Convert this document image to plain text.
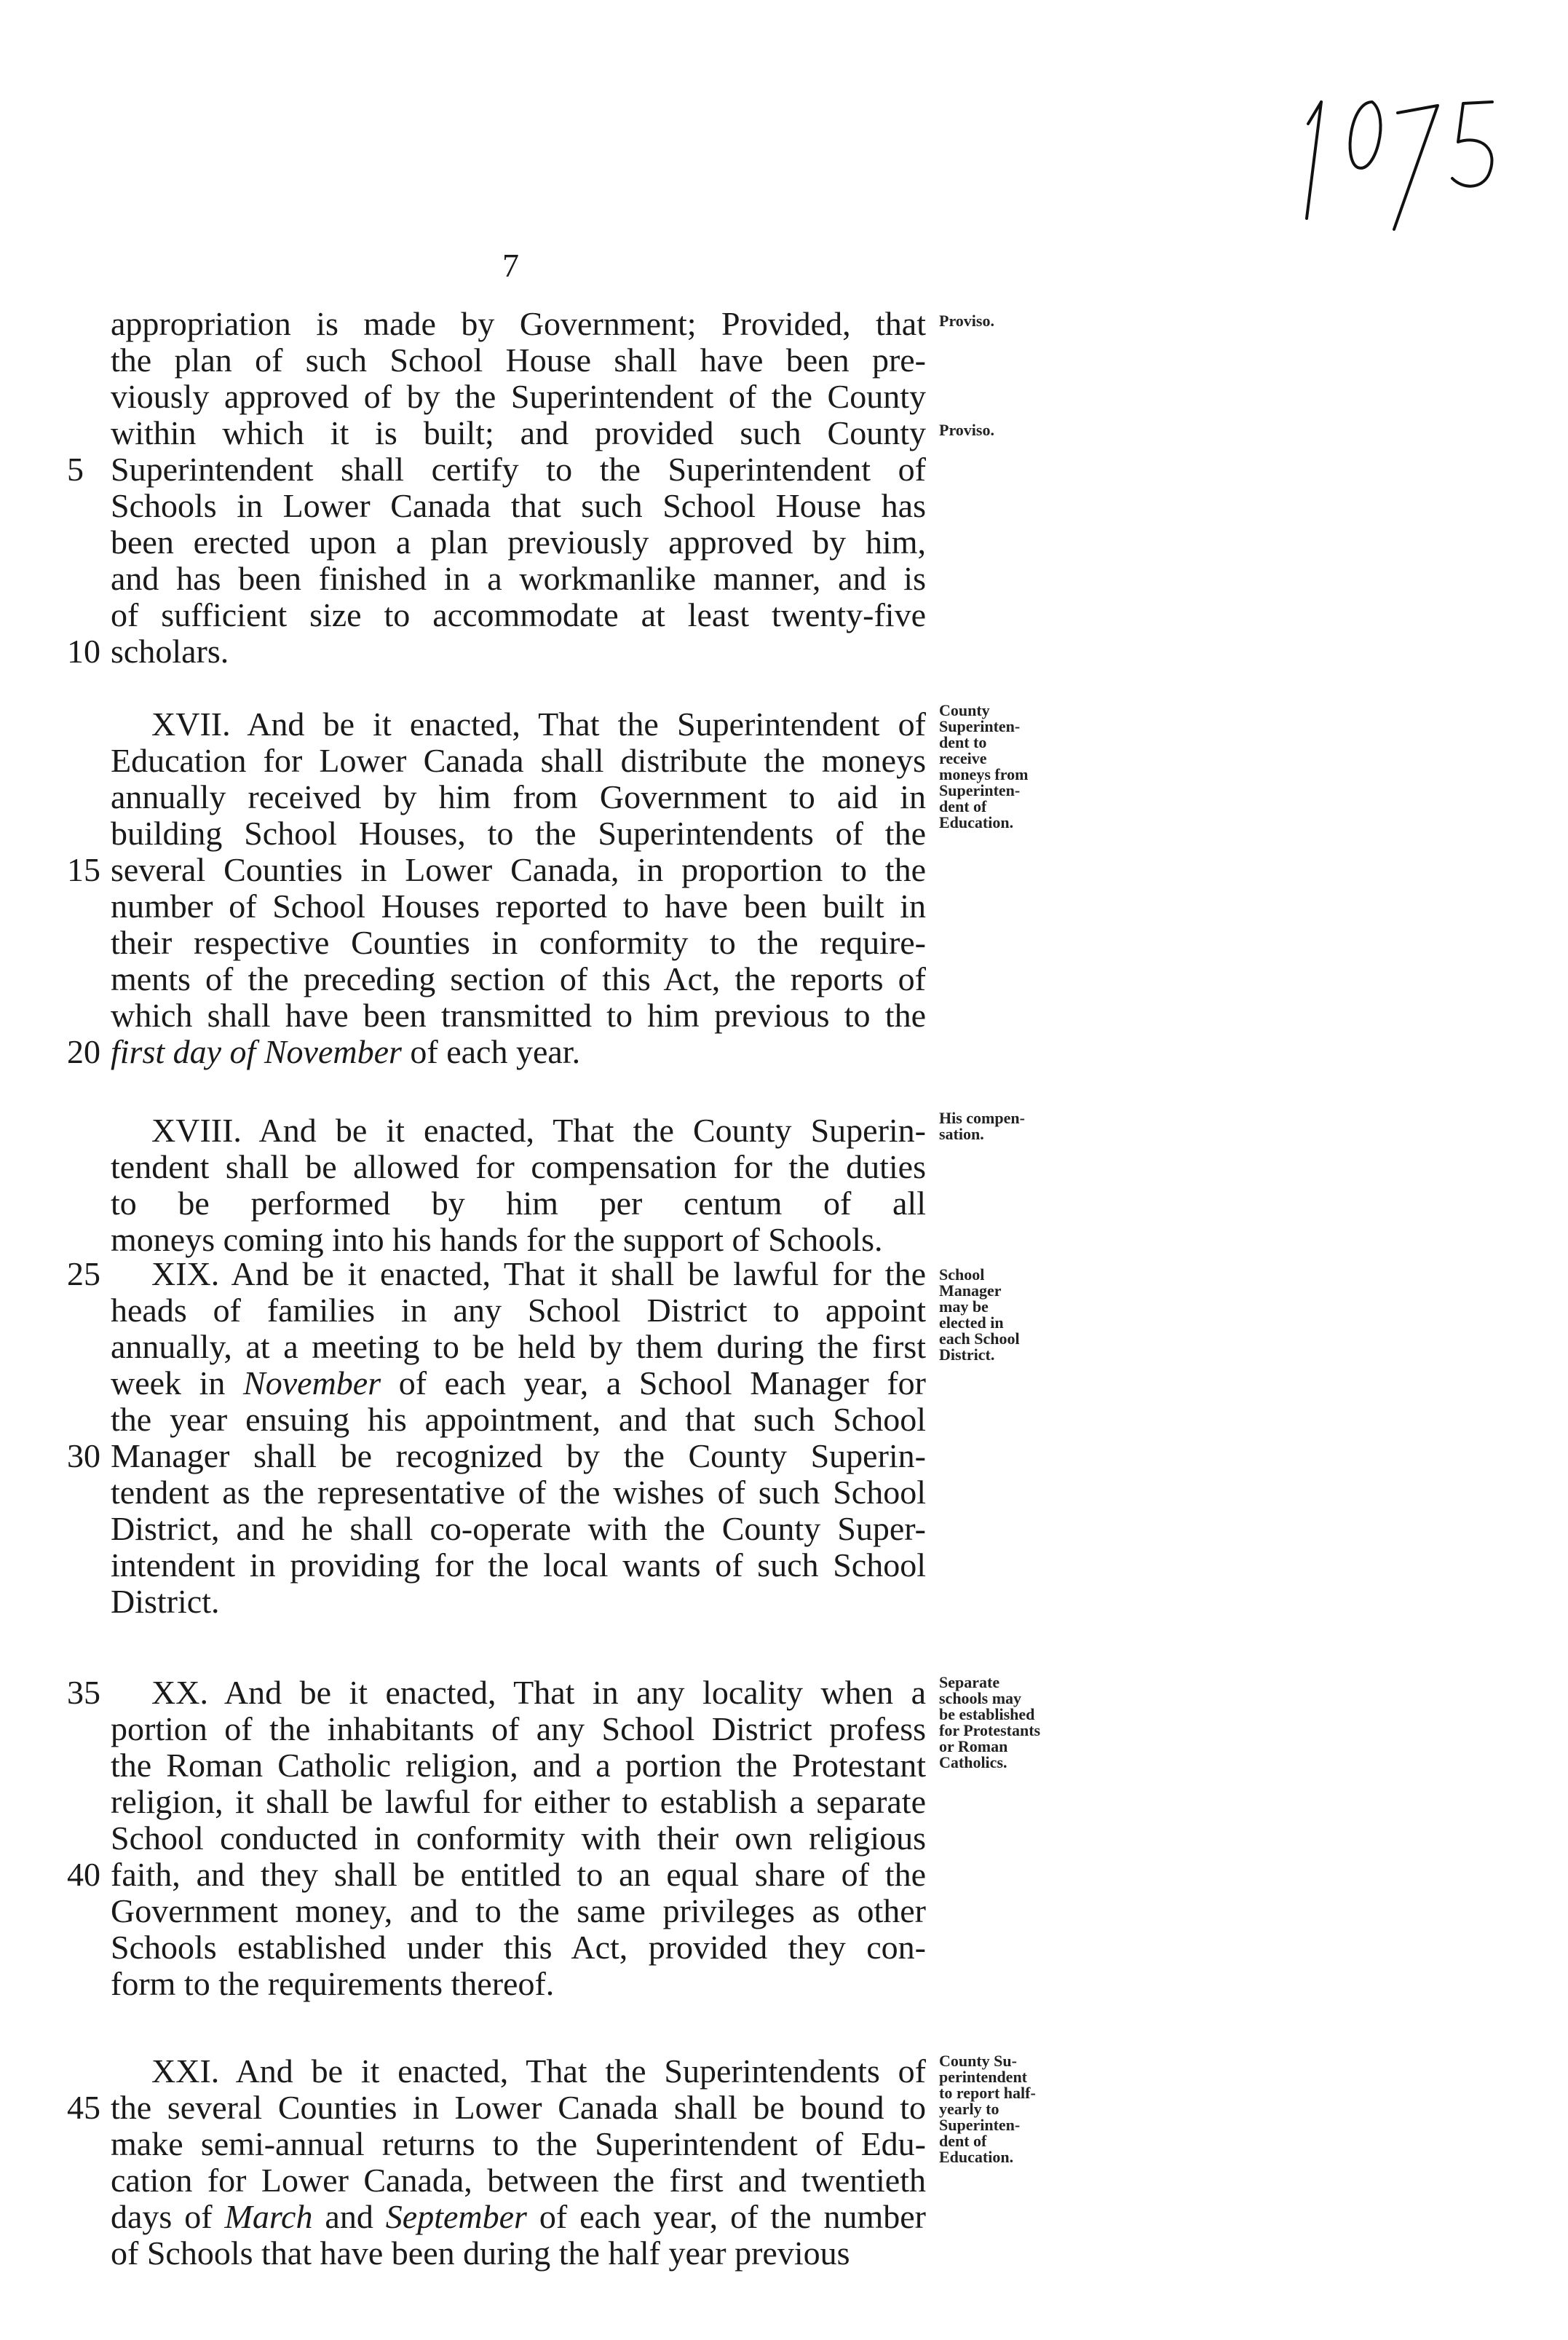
7
appropriation is made by Government; Provided, that
the plan of such School House shall have been pre-
viously approved of by the Superintendent of the County
within which it is built; and provided such County
Superintendent shall certify to the Superintendent of
Schools in Lower Canada that such School House has
been erected upon a plan previously approved by him,
and has been finished in a workmanlike manner, and is
of sufficient size to accommodate at least twenty-five
scholars.
5
10
Proviso.
Proviso.
XVII. And be it enacted, That the Superintendent of
Education for Lower Canada shall distribute the moneys
annually received by him from Government to aid in
building School Houses, to the Superintendents of the
several Counties in Lower Canada, in proportion to the
number of School Houses reported to have been built in
their respective Counties in conformity to the require-
ments of the preceding section of this Act, the reports of
which shall have been transmitted to him previous to the
first day of November of each year.
15
20
County
Superinten-
dent to
receive
moneys from
Superinten-
dent of
Education.
XVIII. And be it enacted, That the County Superin-
tendent shall be allowed for compensation for the duties
to be performed by him per centum of all
moneys coming into his hands for the support of Schools.
His compen-
sation.
XIX. And be it enacted, That it shall be lawful for the
heads of families in any School District to appoint
annually, at a meeting to be held by them during the first
week in November of each year, a School Manager for
the year ensuing his appointment, and that such School
Manager shall be recognized by the County Superin-
tendent as the representative of the wishes of such School
District, and he shall co-operate with the County Super-
intendent in providing for the local wants of such School
District.
25
30
School
Manager
may be
elected in
each School
District.
XX. And be it enacted, That in any locality when a
portion of the inhabitants of any School District profess
the Roman Catholic religion, and a portion the Protestant
religion, it shall be lawful for either to establish a separate
School conducted in conformity with their own religious
faith, and they shall be entitled to an equal share of the
Government money, and to the same privileges as other
Schools established under this Act, provided they con-
form to the requirements thereof.
35
40
Separate
schools may
be established
for Protestants
or Roman
Catholics.
XXI. And be it enacted, That the Superintendents of
the several Counties in Lower Canada shall be bound to
make semi-annual returns to the Superintendent of Edu-
cation for Lower Canada, between the first and twentieth
days of March and September of each year, of the number
of Schools that have been during the half year previous
45
County Su-
perintendent
to report half-
yearly to
Superinten-
dent of
Education.
